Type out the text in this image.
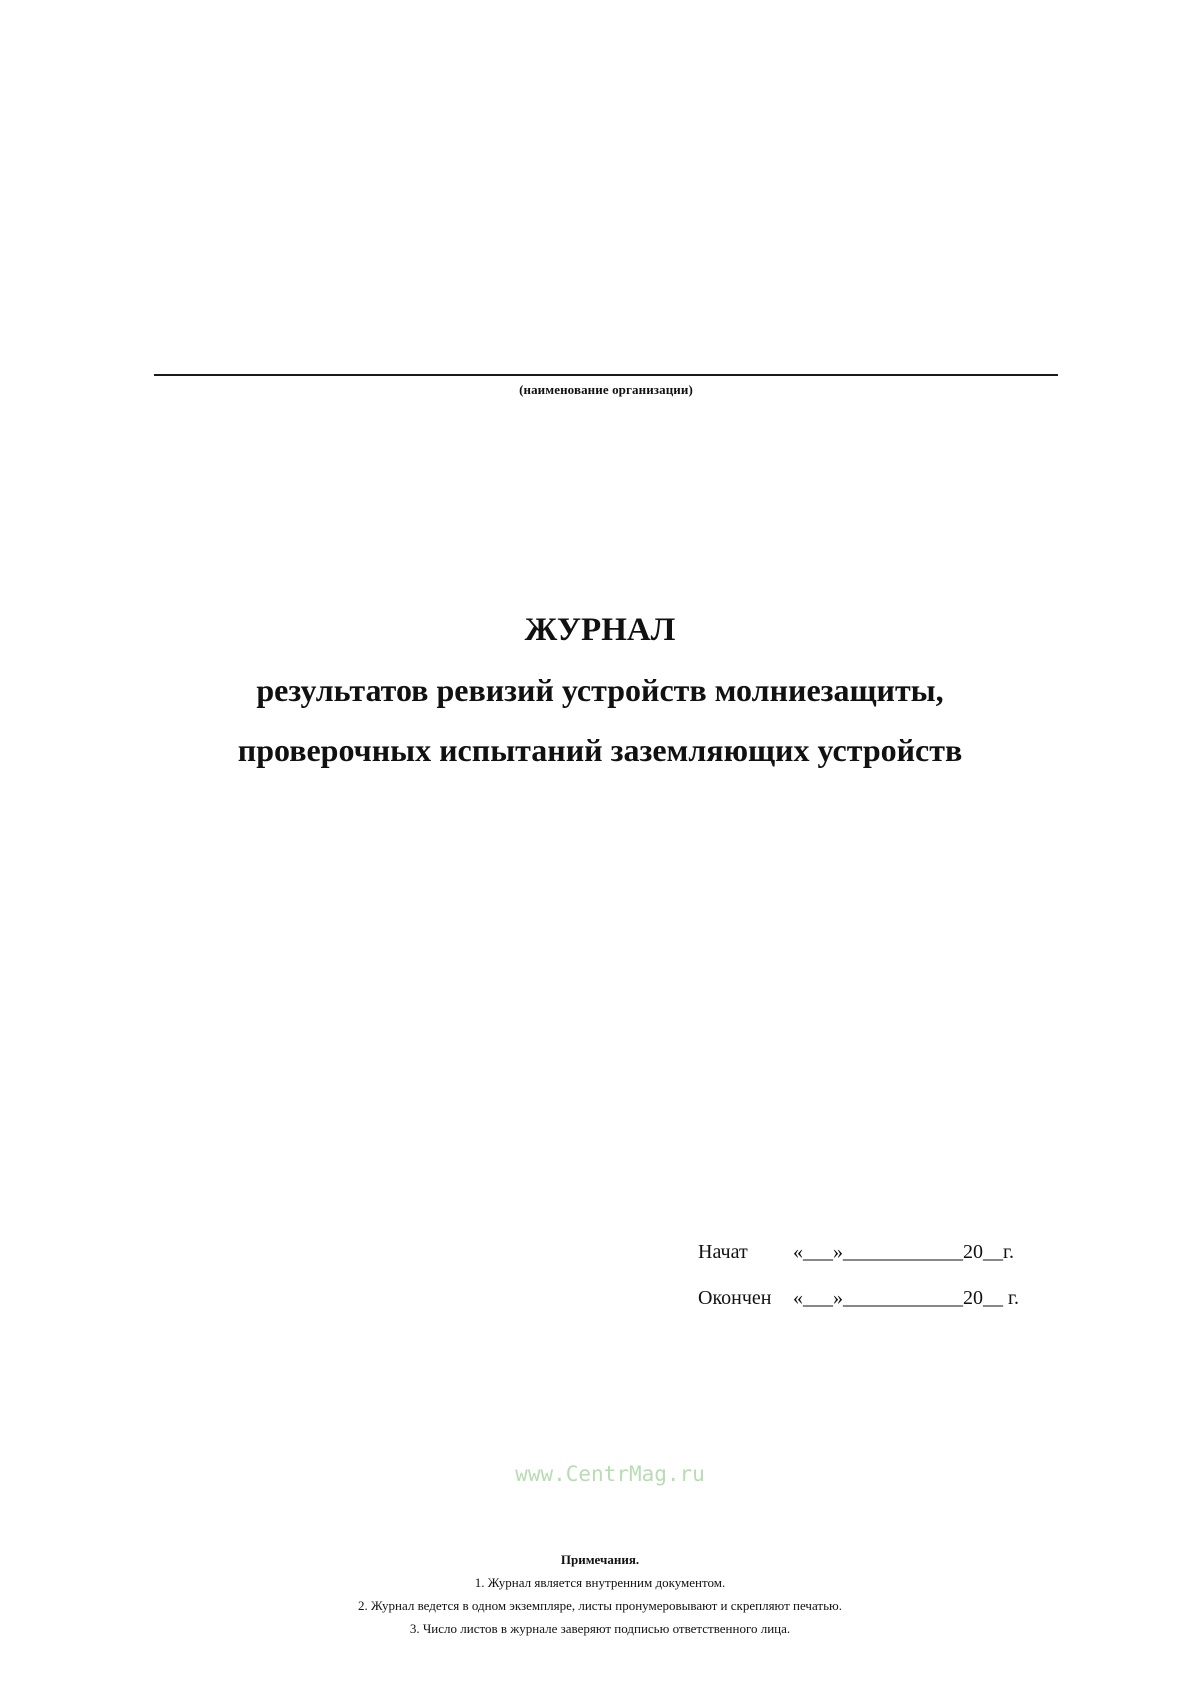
(наименование организации)
ЖУРНАЛ
результатов ревизий устройств молниезащиты,
проверочных испытаний заземляющих устройств
Начат	«___»____________20__г.
Окончен	«___»____________20__ г.
www.CentrMag.ru
Примечания.
1. Журнал является внутренним документом.
2. Журнал ведется в одном экземпляре, листы пронумеровывают и скрепляют печатью.
3. Число листов в журнале заверяют подписью ответственного лица.
